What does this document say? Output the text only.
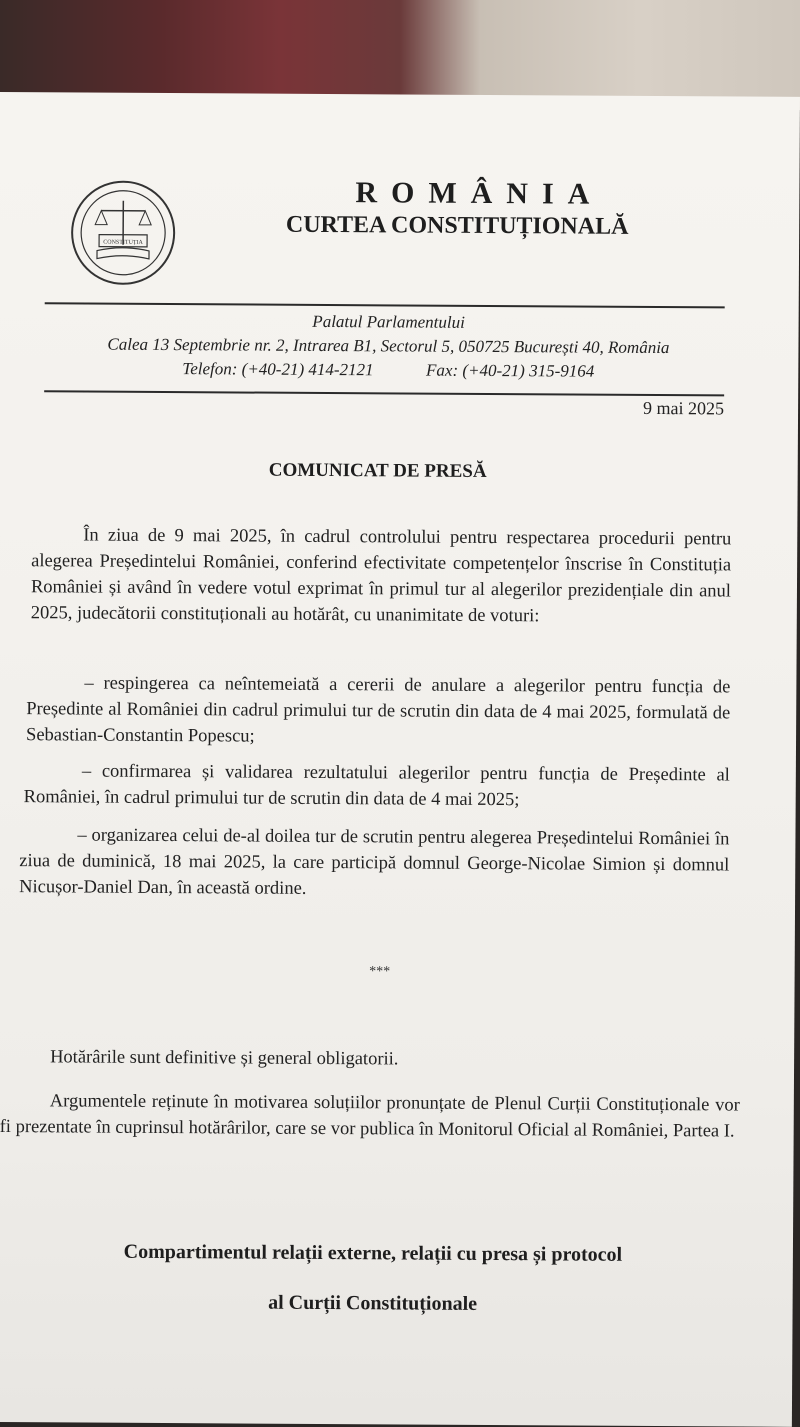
CONSTITUȚIA
ROMÂNIA
CURTEA CONSTITUȚIONALĂ
Palatul Parlamentului
Calea 13 Septembrie nr. 2, Intrarea B1, Sectorul 5, 050725 București 40, România
Telefon: (+40-21) 414-2121	Fax: (+40-21) 315-9164
9 mai 2025
COMUNICAT DE PRESĂ
În ziua de 9 mai 2025, în cadrul controlului pentru respectarea procedurii pentru alegerea Președintelui României, conferind efectivitate competențelor înscrise în Constituția României și având în vedere votul exprimat în primul tur al alegerilor prezidențiale din anul 2025, judecătorii constituționali au hotărât, cu unanimitate de voturi:
– respingerea ca neîntemeiată a cererii de anulare a alegerilor pentru funcția de Președinte al României din cadrul primului tur de scrutin din data de 4 mai 2025, formulată de Sebastian-Constantin Popescu;
– confirmarea și validarea rezultatului alegerilor pentru funcția de Președinte al României, în cadrul primului tur de scrutin din data de 4 mai 2025;
– organizarea celui de-al doilea tur de scrutin pentru alegerea Președintelui României în ziua de duminică, 18 mai 2025, la care participă domnul George-Nicolae Simion și domnul Nicușor-Daniel Dan, în această ordine.
***
Hotărârile sunt definitive și general obligatorii.
Argumentele reținute în motivarea soluțiilor pronunțate de Plenul Curții Constituționale vor fi prezentate în cuprinsul hotărârilor, care se vor publica în Monitorul Oficial al României, Partea I.
Compartimentul relații externe, relații cu presa și protocol
al Curții Constituționale
